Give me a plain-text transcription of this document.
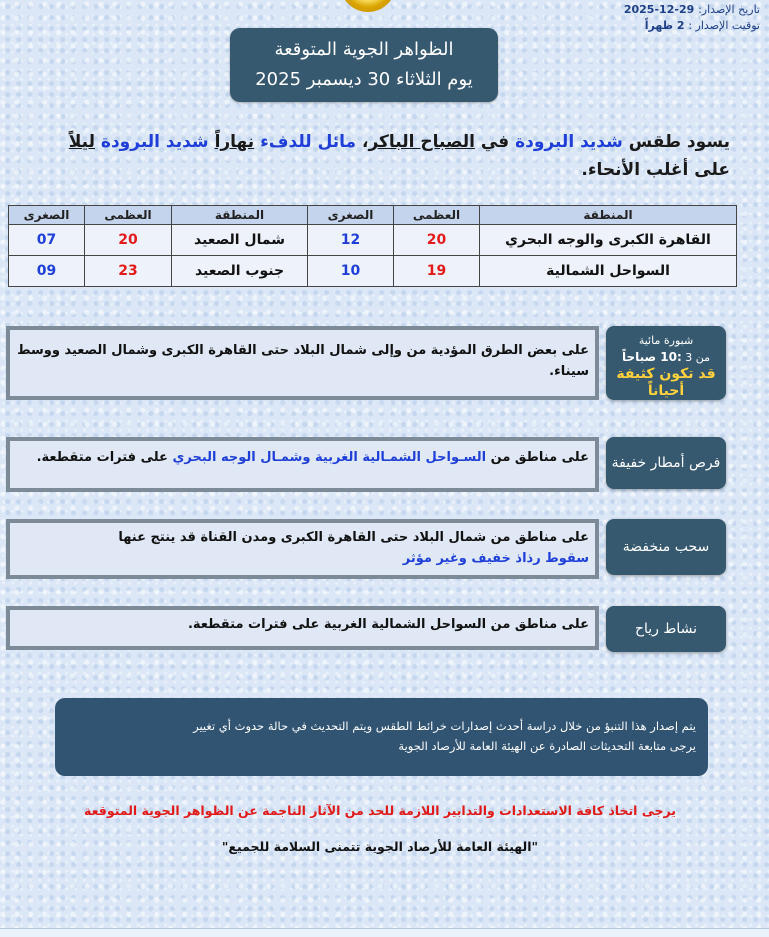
تاريخ الإصدار: 29-12-2025
توقيت الإصدار : 2 ظهراً
الظواهر الجوية المتوقعة
يوم الثلاثاء 30 ديسمبر 2025
يسود طقس شديد البرودة في الصباح الباكر، مائل للدفء نهاراً شديد البرودة ليلاً
على أغلب الأنحاء.
المنطقة	العظمى	الصغرى	المنطقة	العظمى	الصغرى
القاهرة الكبرى والوجه البحري	20	12	شمال الصعيد	20	07
السواحل الشمالية	19	10	جنوب الصعيد	23	09
شبورة مائية
من 3 :10 صباحاً
قد تكون كثيفة أحياناً
على بعض الطرق المؤدية من وإلى شمال البلاد حتى القاهرة الكبرى وشمال الصعيد ووسط سيناء.
فرص أمطار خفيفة
على مناطق من السـواحل الشمـالية الغربية وشمـال الوجه البحري على فترات متقطعة.
سحب منخفضة
على مناطق من شمال البلاد حتى القاهرة الكبرى ومدن القناة قد ينتج عنها
سقوط رذاذ خفيف وغير مؤثر
نشاط رياح
على مناطق من السواحل الشمالية الغربية على فترات متقطعة.
يتم إصدار هذا التنبؤ من خلال دراسة أحدث إصدارات خرائط الطقس ويتم التحديث في حالة حدوث أي تغيير
يرجى متابعة التحديثات الصادرة عن الهيئة العامة للأرصاد الجوية
يرجى اتخاذ كافة الاستعدادات والتدابير اللازمة للحد من الآثار الناجمة عن الظواهر الجوية المتوقعة
"الهيئة العامة للأرصاد الجوية تتمنى السلامة للجميع"
